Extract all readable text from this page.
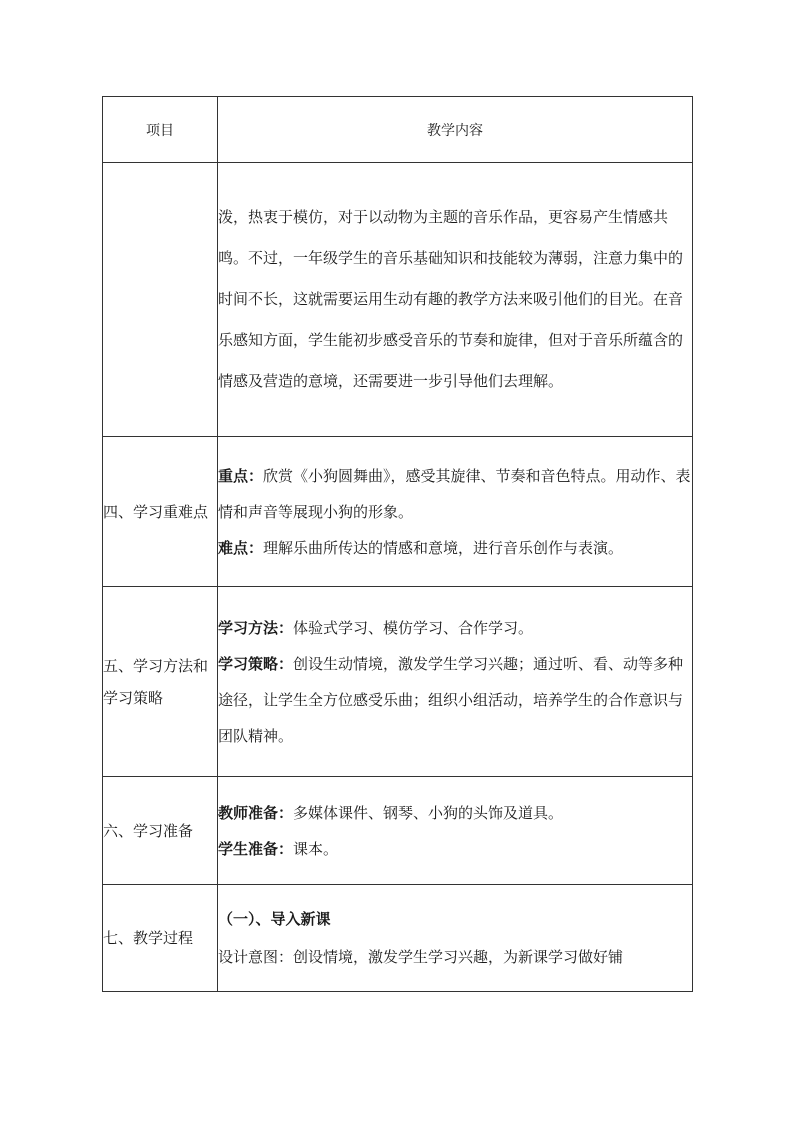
项目	教学内容

	泼，热衷于模仿，对于以动物为主题的音乐作品，更容易产生情感共鸣。不过，一年级学生的音乐基础知识和技能较为薄弱，注意力集中的时间不长，这就需要运用生动有趣的教学方法来吸引他们的目光。在音乐感知方面，学生能初步感受音乐的节奏和旋律，但对于音乐所蕴含的情感及营造的意境，还需要进一步引导他们去理解。

四、学习重难点	重点：欣赏《小狗圆舞曲》，感受其旋律、节奏和音色特点。用动作、表情和声音等展现小狗的形象。

难点：理解乐曲所传达的情感和意境，进行音乐创作与表演。

五、学习方法和学习策略	学习方法：体验式学习、模仿学习、合作学习。

学习策略：创设生动情境，激发学生学习兴趣；通过听、看、动等多种途径，让学生全方位感受乐曲；组织小组活动，培养学生的合作意识与团队精神。

六、学习准备	教师准备：多媒体课件、钢琴、小狗的头饰及道具。

学生准备：课本。

七、教学过程	（一）、导入新课

设计意图：创设情境，激发学生学习兴趣，为新课学习做好铺
